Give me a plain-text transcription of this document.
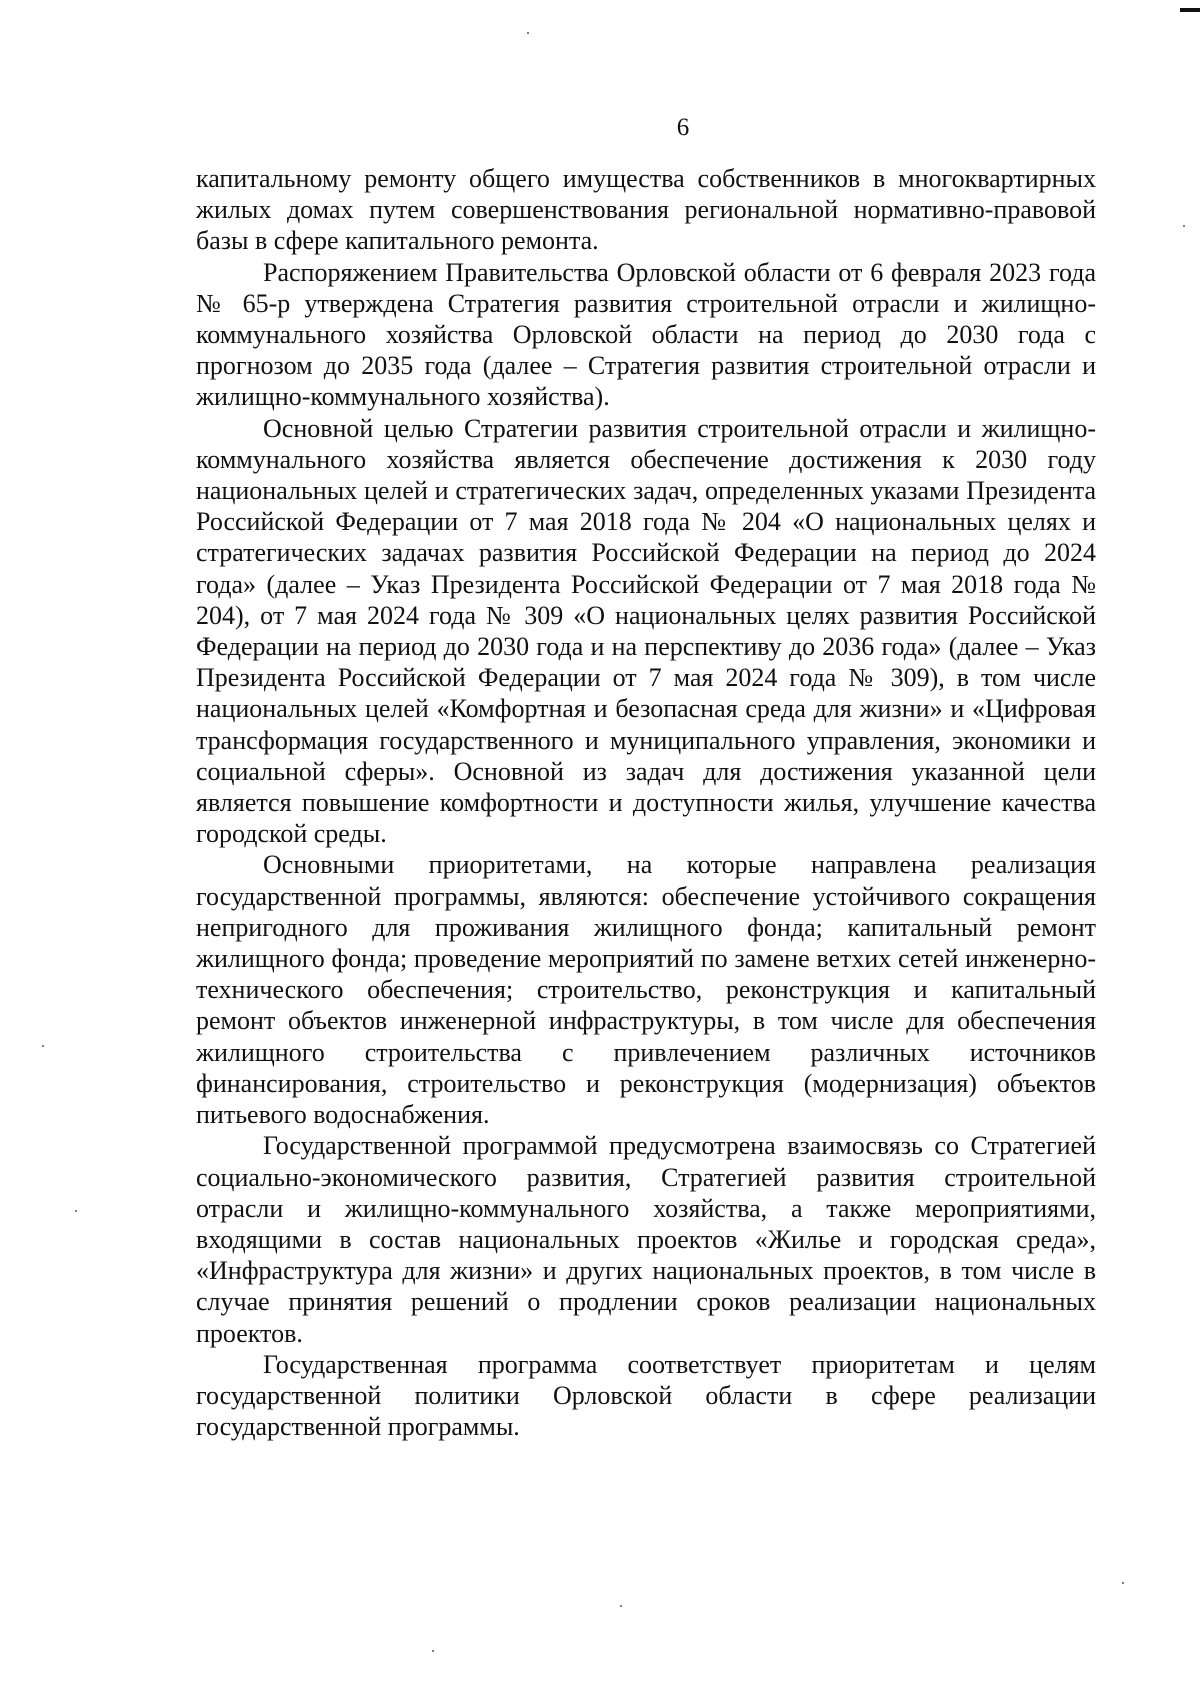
6

капитальному ремонту общего имущества собственников в многоквартирных жилых домах путем совершенствования региональной нормативно-правовой базы в сфере капитального ремонта.

Распоряжением Правительства Орловской области от 6 февраля 2023 года № 65-р утверждена Стратегия развития строительной отрасли и жилищно-коммунального хозяйства Орловской области на период до 2030 года с прогнозом до 2035 года (далее – Стратегия развития строительной отрасли и жилищно-коммунального хозяйства).

Основной целью Стратегии развития строительной отрасли и жилищно-коммунального хозяйства является обеспечение достижения к 2030 году национальных целей и стратегических задач, определенных указами Президента Российской Федерации от 7 мая 2018 года № 204 «О национальных целях и стратегических задачах развития Российской Федерации на период до 2024 года» (далее – Указ Президента Российской Федерации от 7 мая 2018 года № 204), от 7 мая 2024 года № 309 «О национальных целях развития Российской Федерации на период до 2030 года и на перспективу до 2036 года» (далее – Указ Президента Российской Федерации от 7 мая 2024 года № 309), в том числе национальных целей «Комфортная и безопасная среда для жизни» и «Цифровая трансформация государственного и муниципального управления, экономики и социальной сферы». Основной из задач для достижения указанной цели является повышение комфортности и доступности жилья, улучшение качества городской среды.

Основными приоритетами, на которые направлена реализация государственной программы, являются: обеспечение устойчивого сокращения непригодного для проживания жилищного фонда; капитальный ремонт жилищного фонда; проведение мероприятий по замене ветхих сетей инженерно-технического обеспечения; строительство, реконструкция и капитальный ремонт объектов инженерной инфраструктуры, в том числе для обеспечения жилищного строительства с привлечением различных источников финансирования, строительство и реконструкция (модернизация) объектов питьевого водоснабжения.

Государственной программой предусмотрена взаимосвязь со Стратегией социально-экономического развития, Стратегией развития строительной отрасли и жилищно-коммунального хозяйства, а также мероприятиями, входящими в состав национальных проектов «Жилье и городская среда», «Инфраструктура для жизни» и других национальных проектов, в том числе в случае принятия решений о продлении сроков реализации национальных проектов.

Государственная программа соответствует приоритетам и целям государственной политики Орловской области в сфере реализации государственной программы.
